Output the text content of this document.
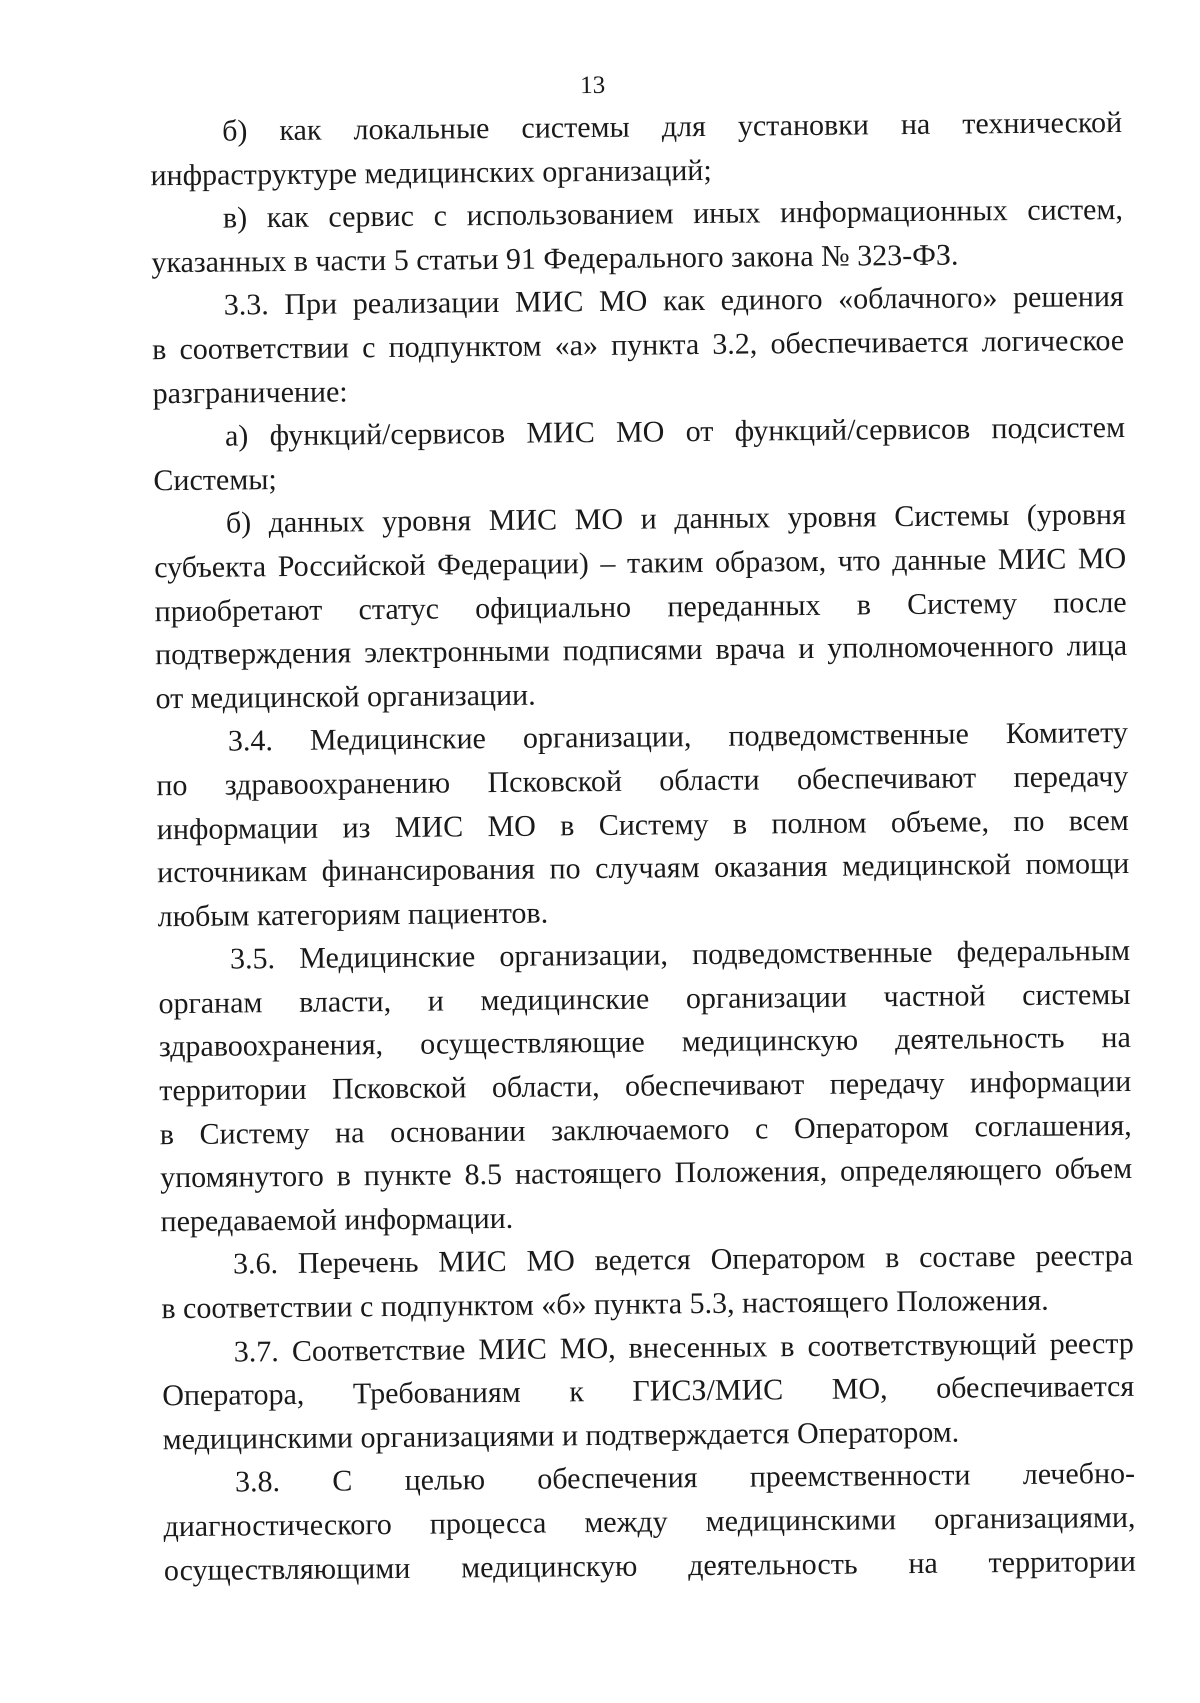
13
б) как локальные системы для установки на технической
инфраструктуре медицинских организаций;
в) как сервис с использованием иных информационных систем,
указанных в части 5 статьи 91 Федерального закона № 323-ФЗ.
3.3. При реализации МИС МО как единого «облачного» решения
в соответствии с подпунктом «а» пункта 3.2, обеспечивается логическое
разграничение:
а) функций/сервисов МИС МО от функций/сервисов подсистем
Системы;
б) данных уровня МИС МО и данных уровня Системы (уровня
субъекта Российской Федерации) – таким образом, что данные МИС МО
приобретают статус официально переданных в Систему после
подтверждения электронными подписями врача и уполномоченного лица
от медицинской организации.
3.4. Медицинские организации, подведомственные Комитету
по здравоохранению Псковской области обеспечивают передачу
информации из МИС МО в Систему в полном объеме, по всем
источникам финансирования по случаям оказания медицинской помощи
любым категориям пациентов.
3.5. Медицинские организации, подведомственные федеральным
органам власти, и медицинские организации частной системы
здравоохранения, осуществляющие медицинскую деятельность на
территории Псковской области, обеспечивают передачу информации
в Систему на основании заключаемого с Оператором соглашения,
упомянутого в пункте 8.5 настоящего Положения, определяющего объем
передаваемой информации.
3.6. Перечень МИС МО ведется Оператором в составе реестра
в соответствии с подпунктом «б» пункта 5.3, настоящего Положения.
3.7. Соответствие МИС МО, внесенных в соответствующий реестр
Оператора, Требованиям к ГИСЗ/МИС МО, обеспечивается
медицинскими организациями и подтверждается Оператором.
3.8. С целью обеспечения преемственности лечебно-
диагностического процесса между медицинскими организациями,
осуществляющими медицинскую деятельность на территории
